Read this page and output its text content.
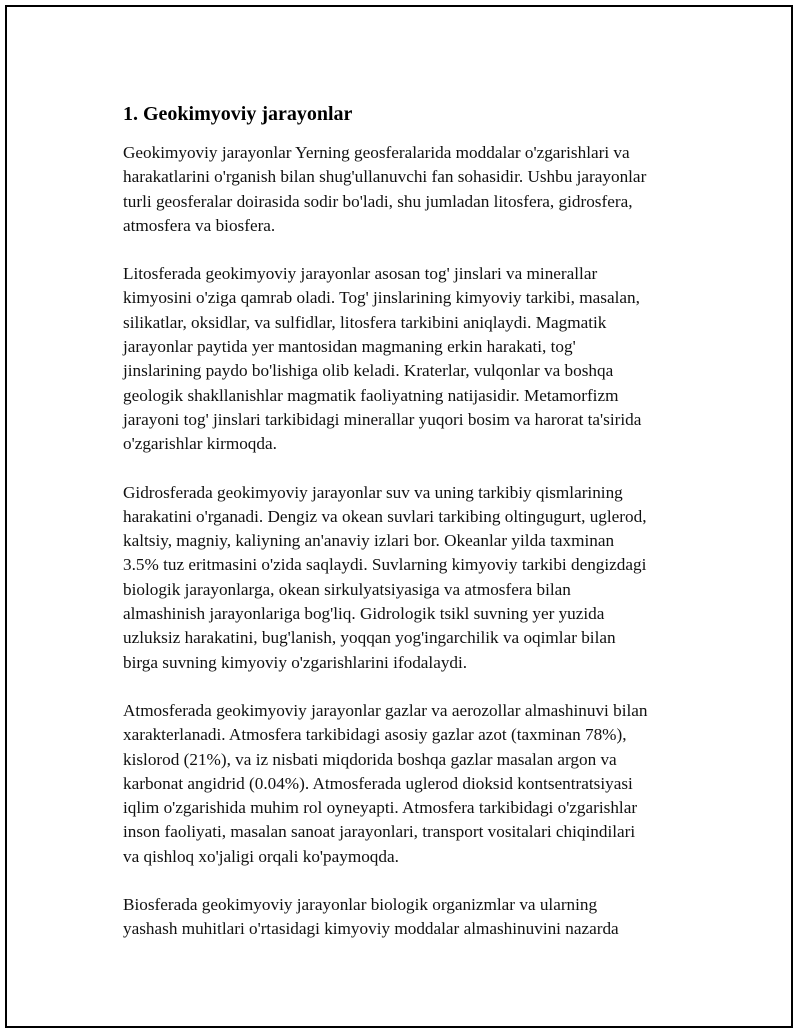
1. Geokimyoviy jarayonlar

Geokimyoviy jarayonlar Yerning geosferalarida moddalar o'zgarishlari va
harakatlarini o'rganish bilan shug'ullanuvchi fan sohasidir. Ushbu jarayonlar
turli geosferalar doirasida sodir bo'ladi, shu jumladan litosfera, gidrosfera,
atmosfera va biosfera.

Litosferada geokimyoviy jarayonlar asosan tog' jinslari va minerallar
kimyosini o'ziga qamrab oladi. Tog' jinslarining kimyoviy tarkibi, masalan,
silikatlar, oksidlar, va sulfidlar, litosfera tarkibini aniqlaydi. Magmatik
jarayonlar paytida yer mantosidan magmaning erkin harakati, tog'
jinslarining paydo bo'lishiga olib keladi. Kraterlar, vulqonlar va boshqa
geologik shakllanishlar magmatik faoliyatning natijasidir. Metamorfizm
jarayoni tog' jinslari tarkibidagi minerallar yuqori bosim va harorat ta'sirida
o'zgarishlar kirmoqda.

Gidrosferada geokimyoviy jarayonlar suv va uning tarkibiy qismlarining
harakatini o'rganadi. Dengiz va okean suvlari tarkibing oltingugurt, uglerod,
kaltsiy, magniy, kaliyning an'anaviy izlari bor. Okeanlar yilda taxminan
3.5% tuz eritmasini o'zida saqlaydi. Suvlarning kimyoviy tarkibi dengizdagi
biologik jarayonlarga, okean sirkulyatsiyasiga va atmosfera bilan
almashinish jarayonlariga bog'liq. Gidrologik tsikl suvning yer yuzida
uzluksiz harakatini, bug'lanish, yoqqan yog'ingarchilik va oqimlar bilan
birga suvning kimyoviy o'zgarishlarini ifodalaydi.

Atmosferada geokimyoviy jarayonlar gazlar va aerozollar almashinuvi bilan
xarakterlanadi. Atmosfera tarkibidagi asosiy gazlar azot (taxminan 78%),
kislorod (21%), va iz nisbati miqdorida boshqa gazlar masalan argon va
karbonat angidrid (0.04%). Atmosferada uglerod dioksid kontsentratsiyasi
iqlim o'zgarishida muhim rol oyneyapti. Atmosfera tarkibidagi o'zgarishlar
inson faoliyati, masalan sanoat jarayonlari, transport vositalari chiqindilari
va qishloq xo'jaligi orqali ko'paymoqda.

Biosferada geokimyoviy jarayonlar biologik organizmlar va ularning
yashash muhitlari o'rtasidagi kimyoviy moddalar almashinuvini nazarda
